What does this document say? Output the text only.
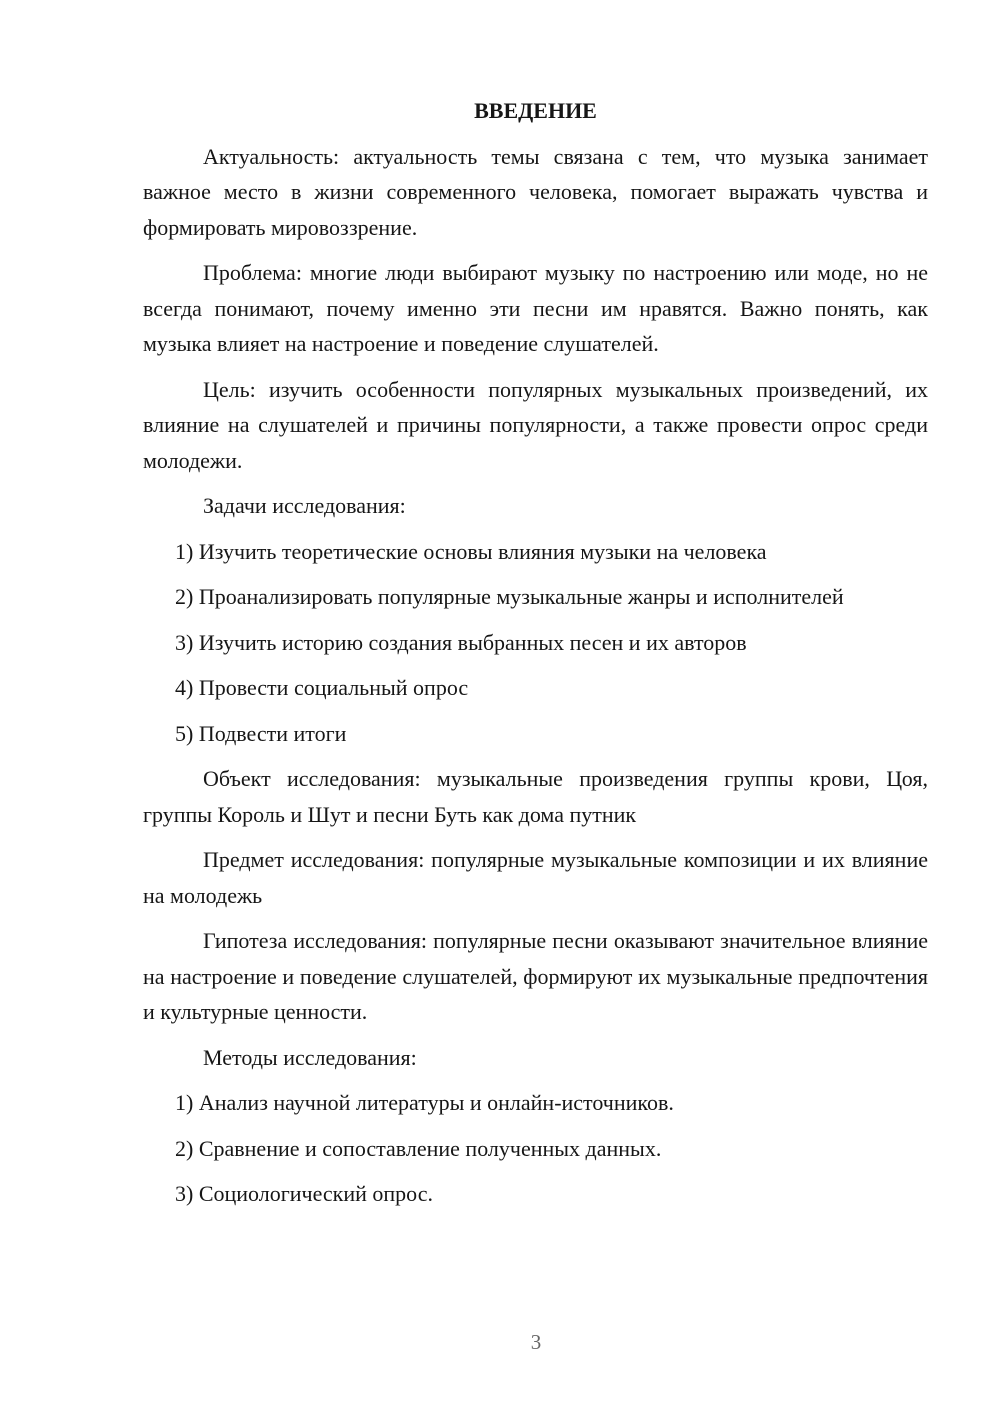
ВВЕДЕНИЕ
Актуальность: актуальность темы связана с тем, что музыка занимает важное место в жизни современного человека, помогает выражать чувства и формировать мировоззрение.
Проблема: многие люди выбирают музыку по настроению или моде, но не всегда понимают, почему именно эти песни им нравятся. Важно понять, как музыка влияет на настроение и поведение слушателей.
Цель: изучить особенности популярных музыкальных произведений, их влияние на слушателей и причины популярности, а также провести опрос среди молодежи.
Задачи исследования:
1) Изучить теоретические основы влияния музыки на человека
2) Проанализировать популярные музыкальные жанры и исполнителей
3) Изучить историю создания выбранных песен и их авторов
4) Провести социальный опрос
5) Подвести итоги
Объект исследования: музыкальные произведения группы крови, Цоя, группы Король и Шут и песни Буть как дома путник
Предмет исследования: популярные музыкальные композиции и их влияние на молодежь
Гипотеза исследования: популярные песни оказывают значительное влияние на настроение и поведение слушателей, формируют их музыкальные предпочтения и культурные ценности.
Методы исследования:
1) Анализ научной литературы и онлайн-источников.
2) Сравнение и сопоставление полученных данных.
3) Социологический опрос.
3
